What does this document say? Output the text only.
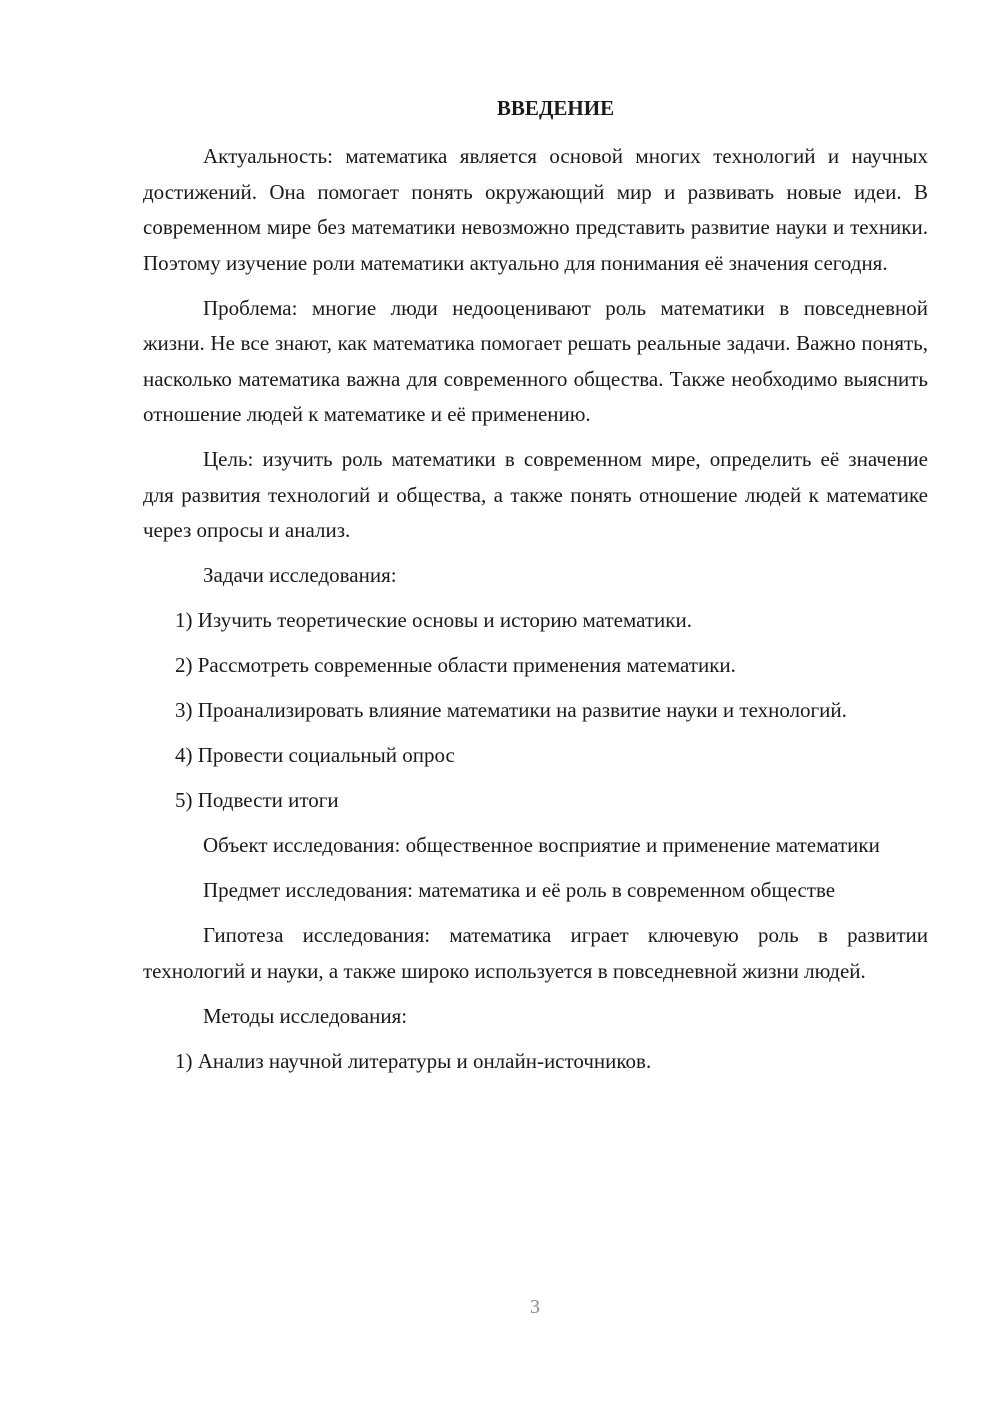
ВВЕДЕНИЕ

Актуальность: математика является основой многих технологий и научных достижений. Она помогает понять окружающий мир и развивать новые идеи. В современном мире без математики невозможно представить развитие науки и техники. Поэтому изучение роли математики актуально для понимания её значения сегодня.

Проблема: многие люди недооценивают роль математики в повседневной жизни. Не все знают, как математика помогает решать реальные задачи. Важно понять, насколько математика важна для современного общества. Также необходимо выяснить отношение людей к математике и её применению.

Цель: изучить роль математики в современном мире, определить её значение для развития технологий и общества, а также понять отношение людей к математике через опросы и анализ.

Задачи исследования:

1) Изучить теоретические основы и историю математики.

2) Рассмотреть современные области применения математики.

3) Проанализировать влияние математики на развитие науки и технологий.

4) Провести социальный опрос

5) Подвести итоги

Объект исследования: общественное восприятие и применение математики

Предмет исследования: математика и её роль в современном обществе

Гипотеза исследования: математика играет ключевую роль в развитии технологий и науки, а также широко используется в повседневной жизни людей.

Методы исследования:

1) Анализ научной литературы и онлайн-источников.

3
